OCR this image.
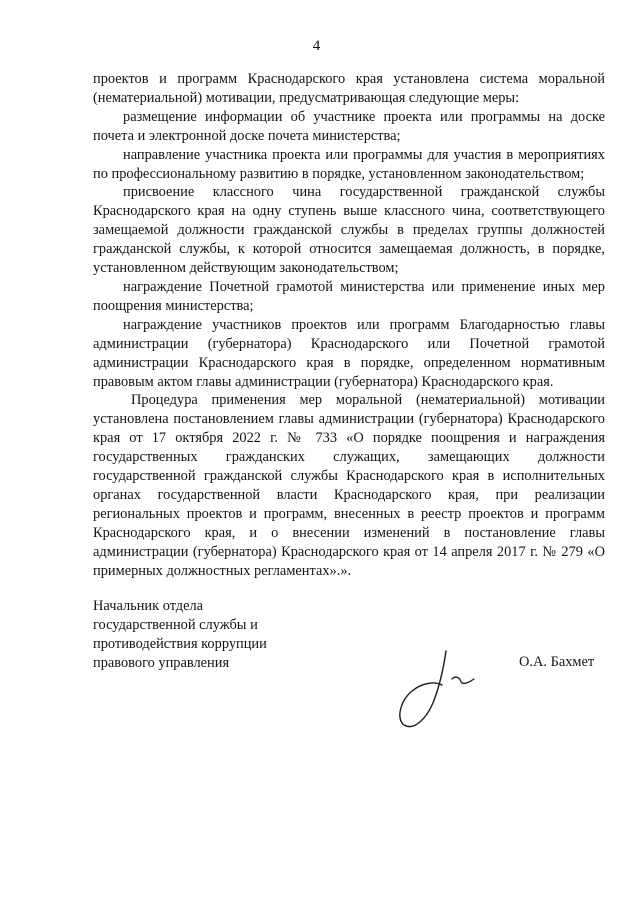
4

проектов и программ Краснодарского края установлена система моральной (нематериальной) мотивации, предусматривающая следующие меры:

размещение информации об участнике проекта или программы на доске почета и электронной доске почета министерства;

направление участника проекта или программы для участия в мероприятиях по профессиональному развитию в порядке, установленном законодательством;

присвоение классного чина государственной гражданской службы Краснодарского края на одну ступень выше классного чина, соответствующего замещаемой должности гражданской службы в пределах группы должностей гражданской службы, к которой относится замещаемая должность, в порядке, установленном действующим законодательством;

награждение Почетной грамотой министерства или применение иных мер поощрения министерства;

награждение участников проектов или программ Благодарностью главы администрации (губернатора) Краснодарского или Почетной грамотой администрации Краснодарского края в порядке, определенном нормативным правовым актом главы администрации (губернатора) Краснодарского края.

Процедура применения мер моральной (нематериальной) мотивации установлена постановлением главы администрации (губернатора) Краснодарского края от 17 октября 2022 г. № 733 «О порядке поощрения и награждения государственных гражданских служащих, замещающих должности государственной гражданской службы Краснодарского края в исполнительных органах государственной власти Краснодарского края, при реализации региональных проектов и программ, внесенных в реестр проектов и программ Краснодарского края, и о внесении изменений в постановление главы администрации (губернатора) Краснодарского края от 14 апреля 2017 г. № 279 «О примерных должностных регламентах».».

Начальник отдела
государственной службы и
противодействия коррупции
правового управления	О.А. Бахмет
